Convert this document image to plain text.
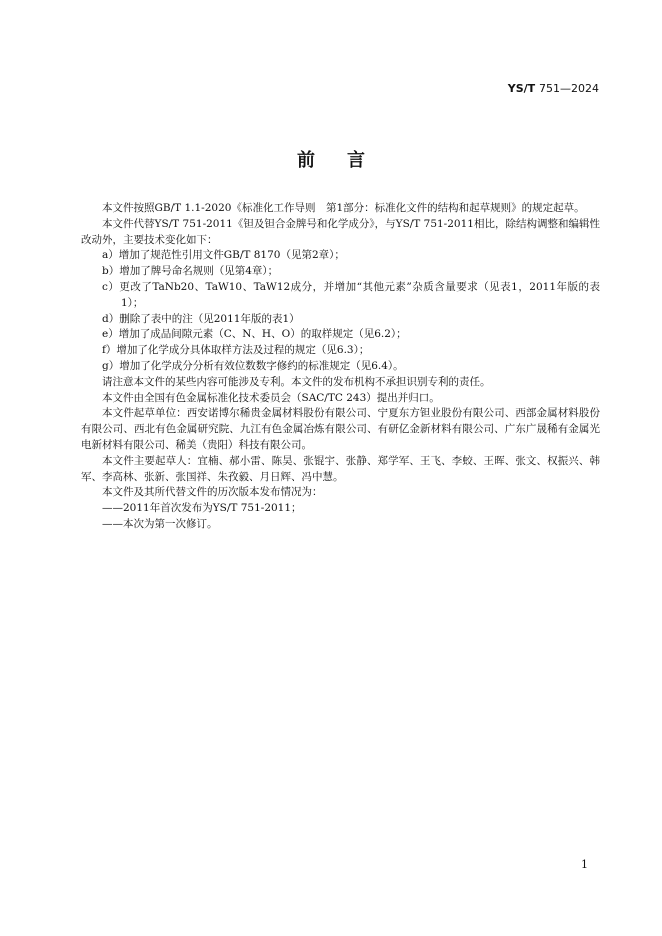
YS/T 751—2024
前言

本文件按照GB/T 1.1-2020《标准化工作导则　第1部分：标准化文件的结构和起草规则》的规定起草。

本文件代替YS/T 751-2011《钽及钽合金牌号和化学成分》，与YS/T 751-2011相比，除结构调整和编辑性改动外，主要技术变化如下：

a）增加了规范性引用文件GB/T 8170（见第2章）；

b）增加了牌号命名规则（见第4章）；

c）更改了TaNb20、TaW10、TaW12成分，并增加“其他元素”杂质含量要求（见表1，2011年版的表1）；

d）删除了表中的注（见2011年版的表1）

e）增加了成品间隙元素（C、N、H、O）的取样规定（见6.2）；

f）增加了化学成分具体取样方法及过程的规定（见6.3）；

g）增加了化学成分分析有效位数数字修约的标准规定（见6.4）。

请注意本文件的某些内容可能涉及专利。本文件的发布机构不承担识别专利的责任。

本文件由全国有色金属标准化技术委员会（SAC/TC 243）提出并归口。

本文件起草单位：西安诺博尔稀贵金属材料股份有限公司、宁夏东方钽业股份有限公司、西部金属材料股份有限公司、西北有色金属研究院、九江有色金属冶炼有限公司、有研亿金新材料有限公司、广东广晟稀有金属光电新材料有限公司、稀美（贵阳）科技有限公司。

本文件主要起草人：宜楠、郝小雷、陈昊、张锟宇、张静、郑学军、王飞、李蛟、王晖、张文、权振兴、韩军、李高林、张新、张国祥、朱孜毅、月日辉、冯中慧。

本文件及其所代替文件的历次版本发布情况为：

——2011年首次发布为YS/T 751-2011；

——本次为第一次修订。

1
